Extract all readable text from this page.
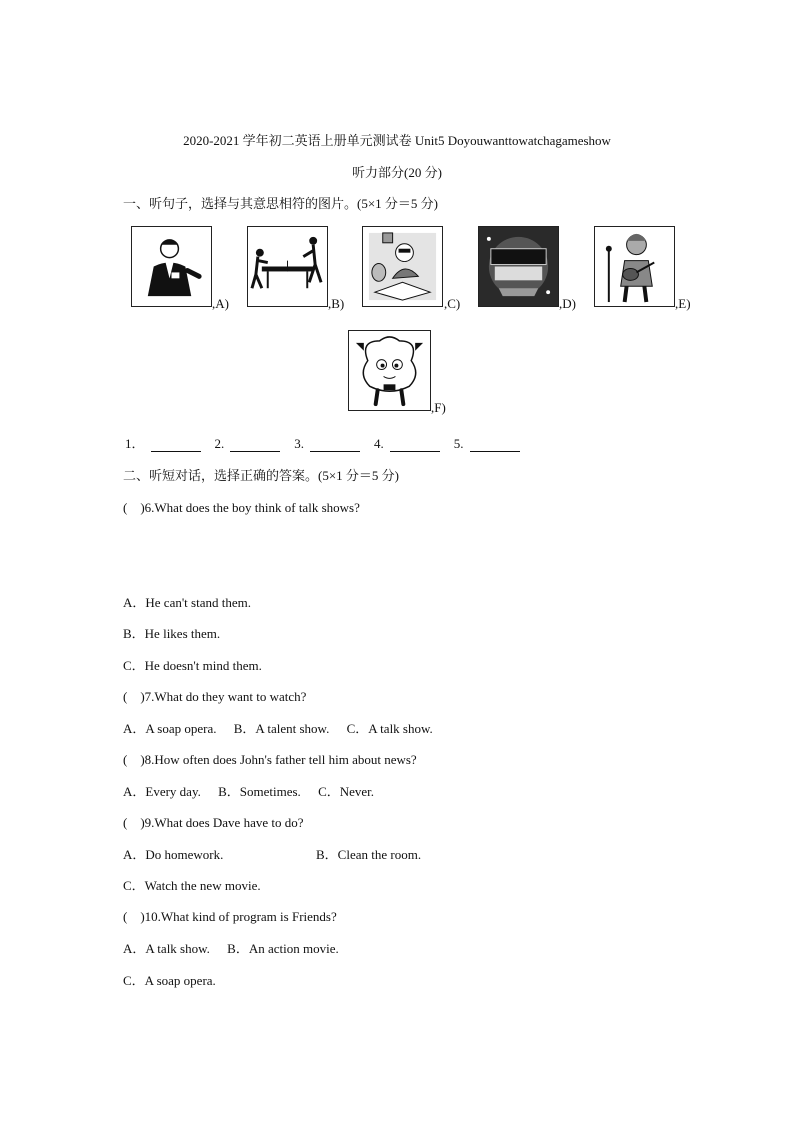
2020-2021 学年初二英语上册单元测试卷 Unit5 Doyouwanttowatchagameshow
听力部分(20 分)
一、听句子，选择与其意思相符的图片。(5×1 分＝5 分)
,A)	,B)	,C)	,D)	,E)
,F)
1．	2.	3.	4.	5.
二、听短对话，选择正确的答案。(5×1 分＝5 分)
(　)6.What does the boy think of talk shows?
A．He can't stand them.
B．He likes them.
C．He doesn't mind them.
(　)7.What do they want to watch?
A．A soap opera. B．A talent show. C．A talk show.
(　)8.How often does John's father tell him about news?
A．Every day. B．Sometimes. C．Never.
(　)9.What does Dave have to do?
A．Do homework.	B．Clean the room.
C．Watch the new movie.
(　)10.What kind of program is Friends?
A．A talk show. B．An action movie.
C．A soap opera.
